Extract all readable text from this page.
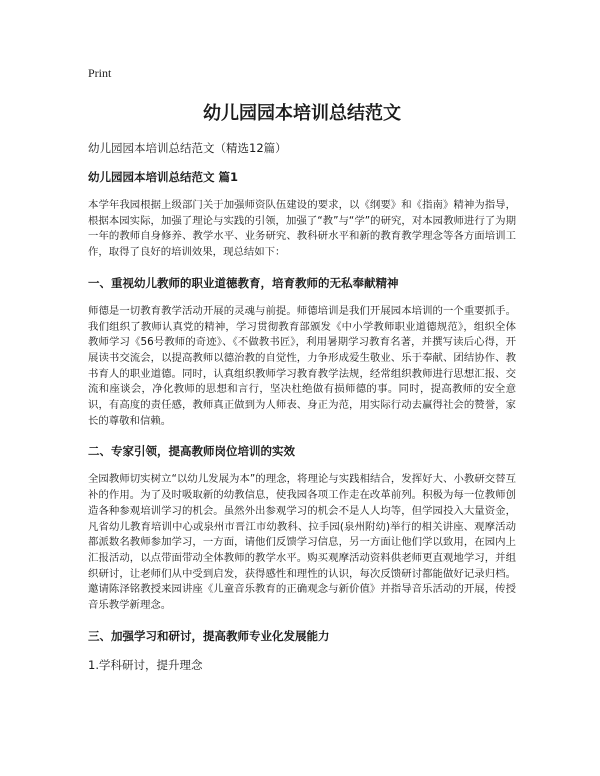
Print
幼儿园园本培训总结范文
幼儿园园本培训总结范文（精选12篇）
幼儿园园本培训总结范文 篇1

本学年我园根据上级部门关于加强师资队伍建设的要求，以《纲要》和《指南》精神为指导，根据本园实际，加强了理论与实践的引领，加强了“教”与“学”的研究，对本园教师进行了为期一年的教师自身修养、教学水平、业务研究、教科研水平和新的教育教学理念等各方面培训工作，取得了良好的培训效果，现总结如下：

一、重视幼儿教师的职业道德教育，培育教师的无私奉献精神

师德是一切教育教学活动开展的灵魂与前提。师德培训是我们开展园本培训的一个重要抓手。我们组织了教师认真党的精神，学习贯彻教育部颁发《中小学教师职业道德规范》，组织全体教师学习《56号教师的奇迹》、《不做教书匠》，利用暑期学习教育名著，并撰写读后心得，开展读书交流会，以提高教师以德治教的自觉性，力争形成爱生敬业、乐于奉献、团结协作、教书育人的职业道德。同时，认真组织教师学习教育教学法规，经常组织教师进行思想汇报、交流和座谈会，净化教师的思想和言行，坚决杜绝做有损师德的事。同时，提高教师的安全意识，有高度的责任感，教师真正做到为人师表、身正为范，用实际行动去赢得社会的赞誉，家长的尊敬和信赖。

二、专家引领，提高教师岗位培训的实效

全园教师切实树立“以幼儿发展为本”的理念，将理论与实践相结合，发挥好大、小教研交替互补的作用。为了及时吸取新的幼教信息，使我园各项工作走在改革前列。积极为每一位教师创造各种参观培训学习的机会。虽然外出参观学习的机会不是人人均等，但学园投入大量资金，凡省幼儿教育培训中心或泉州市晋江市幼教科、拉手园(泉州附幼)举行的相关讲座、观摩活动都派数名教师参加学习，一方面，请他们反馈学习信息，另一方面让他们学以致用，在园内上汇报活动，以点带面带动全体教师的教学水平。购买观摩活动资料供老师更直观地学习，并组织研讨，让老师们从中受到启发，获得感性和理性的认识，每次反馈研讨都能做好记录归档。邀请陈泽铭教授来园讲座《儿童音乐教育的正确观念与新价值》并指导音乐活动的开展，传授音乐教学新理念。

三、加强学习和研讨，提高教师专业化发展能力
1.学科研讨，提升理念
